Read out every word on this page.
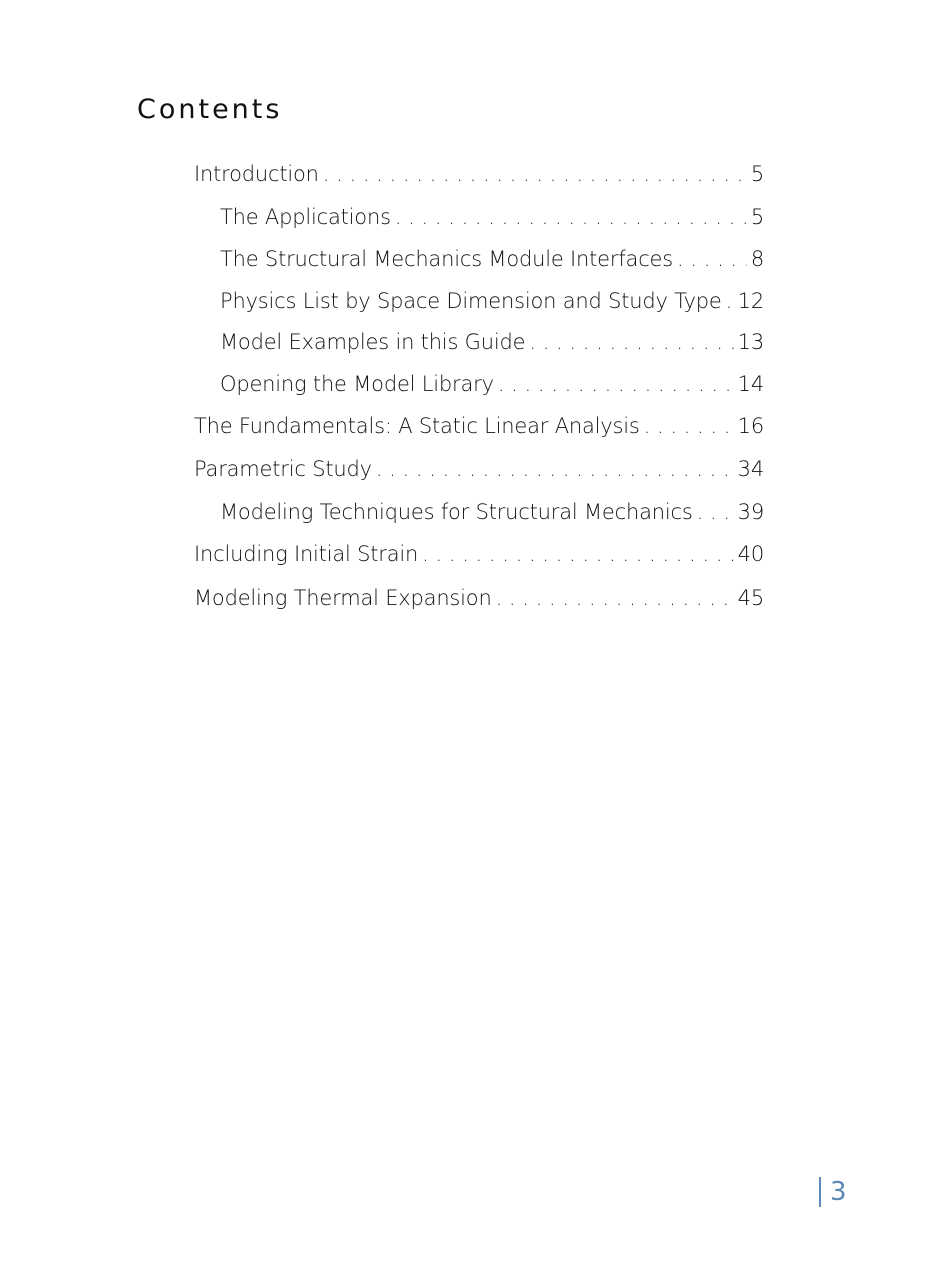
Contents
Introduction . . .	5
The Applications . . .	5
The Structural Mechanics Module Interfaces . . .	8
Physics List by Space Dimension and Study Type . . . 12
Model Examples in this Guide . . .	13
Opening the Model Library . . .	14
The Fundamentals: A Static Linear Analysis . . .	16
Parametric Study . . .	34
Modeling Techniques for Structural Mechanics . . . 39
Including Initial Strain . . .	40
Modeling Thermal Expansion . . .	45
3
